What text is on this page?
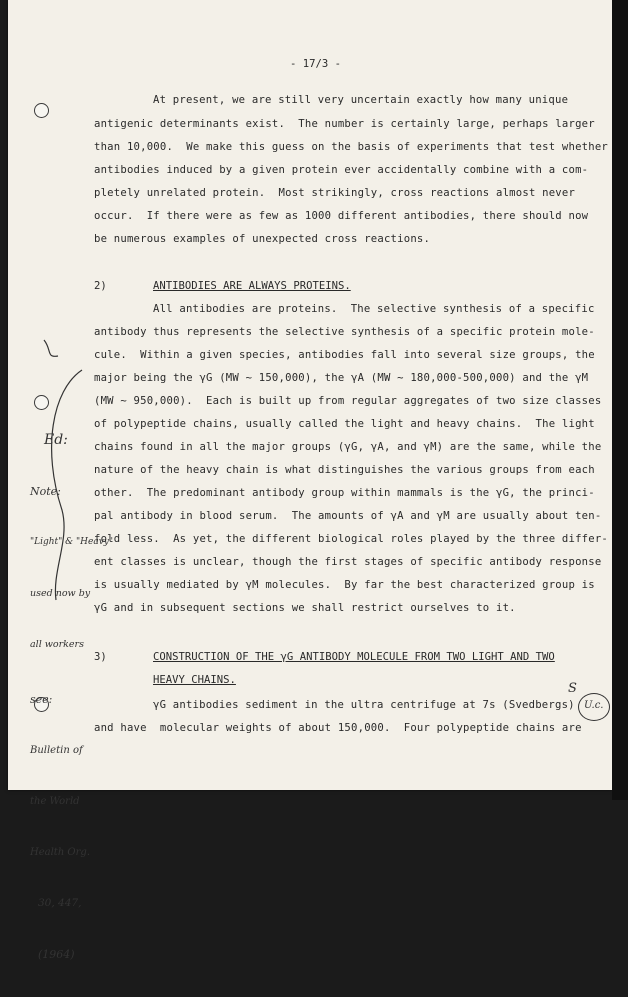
- 17/3 -
At present, we are still very uncertain exactly how many unique
antigenic determinants exist.  The number is certainly large, perhaps larger
than 10,000.  We make this guess on the basis of experiments that test whether
antibodies induced by a given protein ever accidentally combine with a com-
pletely unrelated protein.  Most strikingly, cross reactions almost never
occur.  If there were as few as 1000 different antibodies, there should now
be numerous examples of unexpected cross reactions.
2)	ANTIBODIES ARE ALWAYS PROTEINS.
All antibodies are proteins.  The selective synthesis of a specific
antibody thus represents the selective synthesis of a specific protein mole-
cule.  Within a given species, antibodies fall into several size groups, the
major being the γG (MW ~ 150,000), the γA (MW ~ 180,000-500,000) and the γM
(MW ~ 950,000).  Each is built up from regular aggregates of two size classes
of polypeptide chains, usually called the light and heavy chains.  The light
chains found in all the major groups (γG, γA, and γM) are the same, while the
nature of the heavy chain is what distinguishes the various groups from each
other.  The predominant antibody group within mammals is the γG, the princi-
pal antibody in blood serum.  The amounts of γA and γM are usually about ten-
fold less.  As yet, the different biological roles played by the three differ-
ent classes is unclear, though the first stages of specific antibody response
is usually mediated by γM molecules.  By far the best characterized group is
γG and in subsequent sections we shall restrict ourselves to it.
3)	CONSTRUCTION OF THE γG ANTIBODY MOLECULE FROM TWO LIGHT AND TWO
HEAVY CHAINS.
γG antibodies sediment in the ultra centrifuge at 7s (Svedbergs)
and have  molecular weights of about 150,000.  Four polypeptide chains are

Ed:

Note:

"Light" & "Heavy"

used now by

all workers

see:

Bulletin of

the World

Health Org.

30, 447,

(1964)

S
U.c.
